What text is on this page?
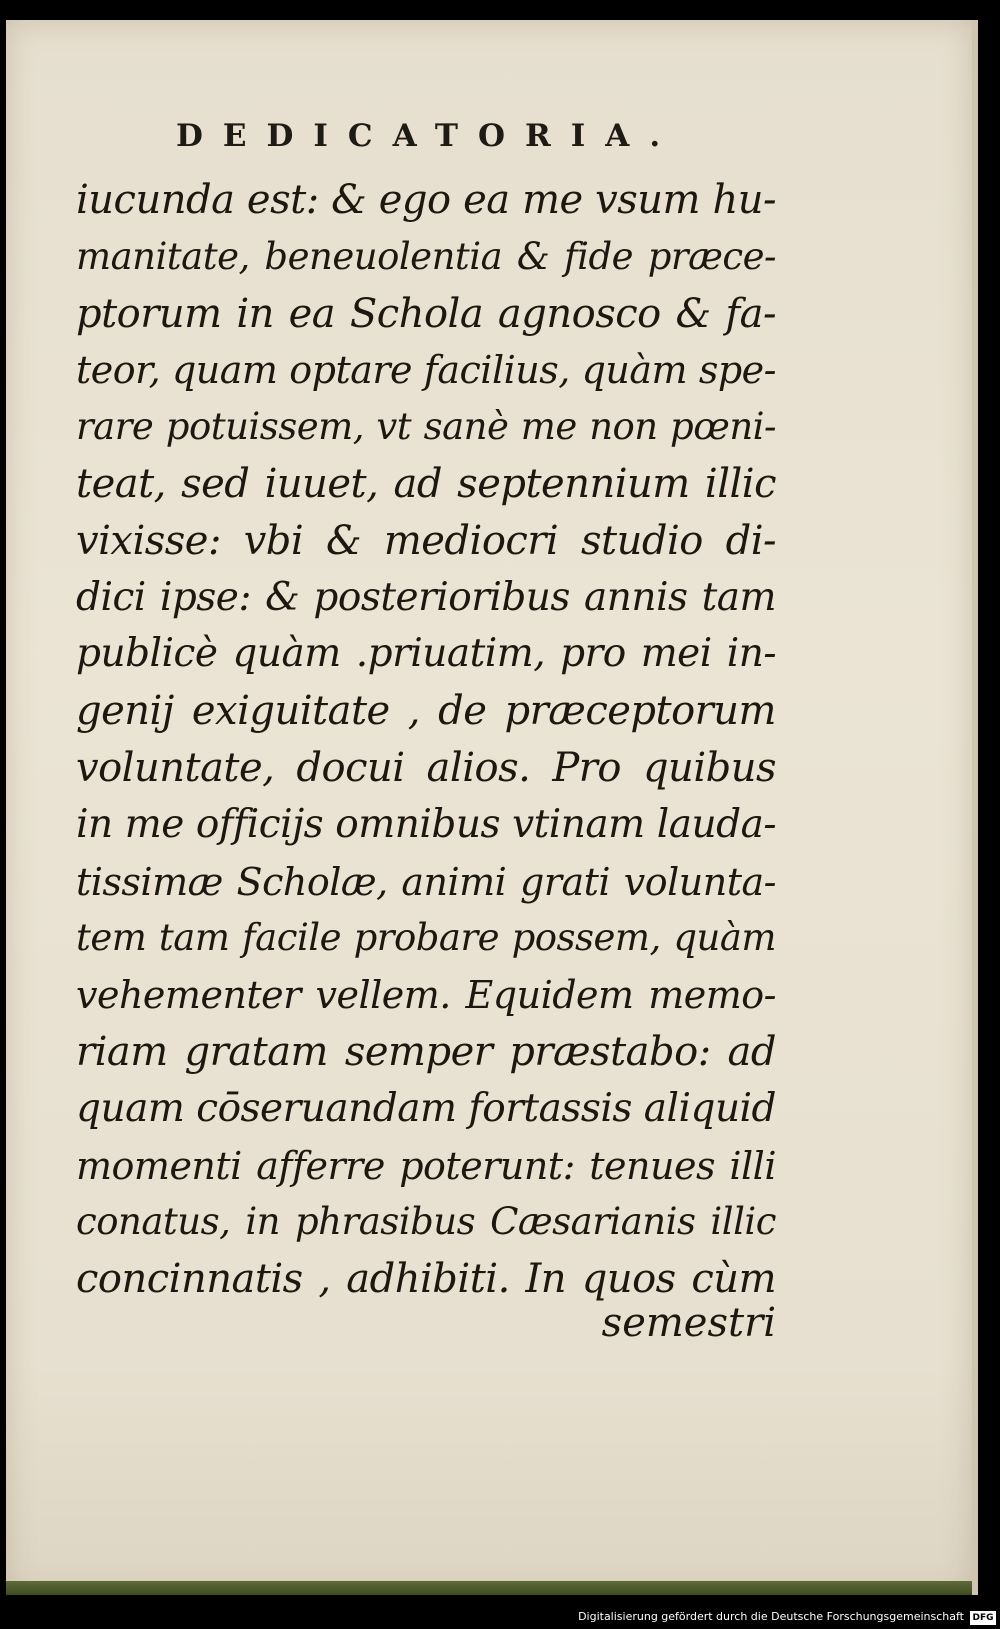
DEDICATORIA.
iucunda est: & ego ea me vsum hu-
manitate, beneuolentia & fide præce-
ptorum in ea Schola agnosco & fa-
teor, quam optare facilius, quàm spe-
rare potuissem, vt sanè me non pœni-
teat, sed iuuet, ad septennium illic
vixisse: vbi & mediocri studio di-
dici ipse: & posterioribus annis tam
publicè quàm .priuatim, pro mei in-
genij exiguitate , de præceptorum
voluntate, docui alios. Pro quibus
in me officijs omnibus vtinam lauda-
tissimæ Scholæ, animi grati volunta-
tem tam facile probare possem, quàm
vehementer vellem. Equidem memo-
riam gratam semper præstabo: ad
quam cōseruandam fortassis aliquid
momenti afferre poterunt: tenues illi
conatus, in phrasibus Cæsarianis illic
concinnatis , adhibiti. In quos cùm
semestri
Digitalisierung gefördert durch die Deutsche Forschungsgemeinschaft DFG
